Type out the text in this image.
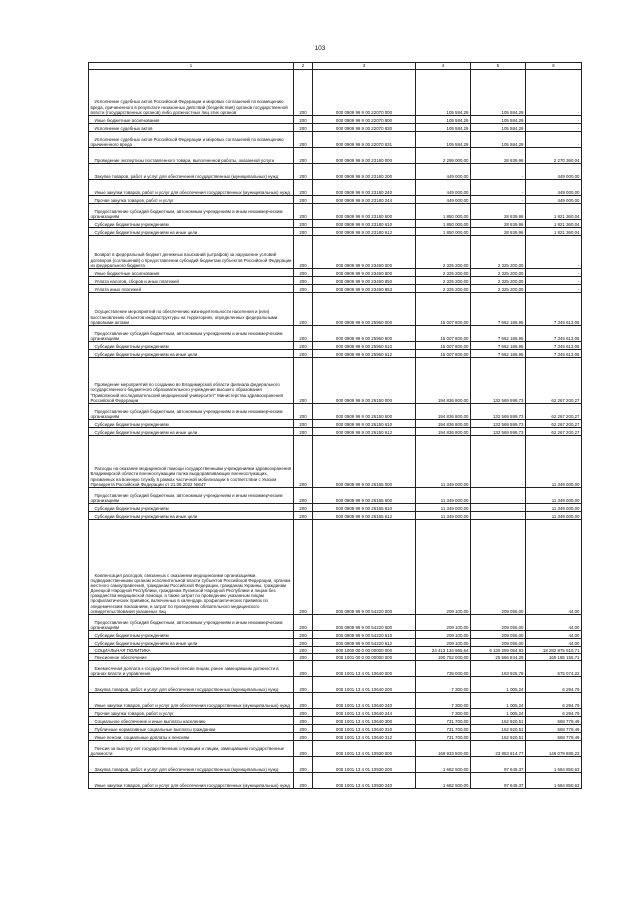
103
1	2	3	4	5	6
Исполнение судебных актов Российской Федерации и мировых соглашений по возмещению вреда, причиненного в результате незаконных действий (бездействия) органов государственной власти (государственных органов) либо должностных лиц этих органов	200	000 0909 99 9 00 22070 000	105 584,29	105 584,29	-
Иные бюджетные ассигнования	200	000 0909 99 9 00 22070 800	105 584,29	105 584,29	-
Исполнение судебных актов	200	000 0909 99 9 00 22070 830	105 584,29	105 584,29	-
Исполнение судебных актов Российской Федерации и мировых соглашений по возмещению причиненного вреда	200	000 0909 99 9 00 22070 831	105 584,29	105 584,29	-
Проведение экспертизы поставленного товара, выполненной работы, оказанной услуги	200	000 0909 99 9 00 23180 000	2 299 000,00	28 639,96	2 270 360,04
Закупка товаров, работ и услуг для обеспечения государственных (муниципальных) нужд	200	000 0909 99 9 00 23180 200	449 000,00	-	449 000,00
Иные закупки товаров, работ и услуг для обеспечения государственных (муниципальных) нужд	200	000 0909 99 9 00 23180 240	449 000,00	-	449 000,00
Прочая закупка товаров, работ и услуг	200	000 0909 99 9 00 23180 244	449 000,00	-	449 000,00
Предоставление субсидий бюджетным, автономным учреждениям и иным некоммерческим организациям	200	000 0909 99 9 00 23180 600	1 850 000,00	28 639,96	1 821 360,04
Субсидии бюджетным учреждениям	200	000 0909 99 9 00 23180 610	1 850 000,00	28 639,96	1 821 360,04
Субсидии бюджетным учреждениям на иные цели	200	000 0909 99 9 00 23180 612	1 850 000,00	28 639,96	1 821 360,04
Возврат в федеральный бюджет денежных взысканий (штрафов) за нарушение условий договоров (соглашений) о предоставлении субсидий бюджетам субъектов Российской Федерации из федерального бюджета	200	000 0909 99 9 00 23460 000	2 325 200,00	2 325 200,00	-
Иные бюджетные ассигнования	200	000 0909 99 9 00 23460 800	2 325 200,00	2 325 200,00	-
Уплата налогов, сборов и иных платежей	200	000 0909 99 9 00 23460 850	2 325 200,00	2 325 200,00	-
Уплата иных платежей	200	000 0909 99 9 00 23460 853	2 325 200,00	2 325 200,00	-
Осуществление мероприятий по обеспечению жизнедеятельности населения и (или) восстановлению объектов инфраструктуры на территориях, определенных федеральными правовыми актами	200	000 0909 99 9 00 25960 000	15 007 800,00	7 662 186,95	7 345 613,05
Предоставление субсидий бюджетным, автономным учреждениям и иным некоммерческим организациям	200	000 0909 99 9 00 25960 600	15 007 800,00	7 662 186,95	7 345 613,05
Субсидии бюджетным учреждениям	200	000 0909 99 9 00 25960 610	15 007 800,00	7 662 186,95	7 345 613,05
Субсидии бюджетным учреждениям на иные цели	200	000 0909 99 9 00 25960 612	15 007 800,00	7 662 186,95	7 345 613,05
Проведение мероприятий по созданию во Владимирской области филиала федерального государственного бюджетного образовательного учреждения высшего образования "Приволжский исследовательский медицинский университет" Министерства здравоохранения Российской Федерации	200	000 0909 99 9 00 26150 000	194 836 800,00	132 569 599,73	62 267 200,27
Предоставление субсидий бюджетным, автономным учреждениям и иным некоммерческим организациям	200	000 0909 99 9 00 26150 600	194 836 800,00	132 569 599,73	62 267 200,27
Субсидии бюджетным учреждениям	200	000 0909 99 9 00 26150 610	194 836 800,00	132 569 599,73	62 267 200,27
Субсидии бюджетным учреждениям на иные цели	200	000 0909 99 9 00 26150 612	194 836 800,00	132 569 599,73	62 267 200,27
Расходы на оказание медицинской помощи государственными учреждениями здравоохранения Владимирской области военнослужащим полка выздоравливающих военнослужащих, призванных на военную службу в рамках частичной мобилизации в соответствии с Указом Президента Российской Федерации от 21.09.2022 №647	200	000 0909 99 9 00 26165 000	11 349 000,00	-	11 349 000,00
Предоставление субсидий бюджетным, автономным учреждениям и иным некоммерческим организациям	200	000 0909 99 9 00 26165 600	11 349 000,00	-	11 349 000,00
Субсидии бюджетным учреждениям	200	000 0909 99 9 00 26165 610	11 349 000,00	-	11 349 000,00
Субсидии бюджетным учреждениям на иные цели	200	000 0909 99 9 00 26165 612	11 349 000,00	-	11 349 000,00
Компенсация расходов, связанных с оказанием медицинскими организациями, подведомственными органам исполнительной власти субъектов Российской Федерации, органам местного самоуправления, гражданам Российской Федерации, гражданам Украины, гражданам Донецкой Народной Республики, гражданам Луганской Народной Республики и лицам без гражданства медицинской помощи, а также затрат по проведению указанным лицам профилактических прививок, включенных в календарь профилактических прививок по эпидемическим показаниям, и затрат по проведению обязательного медицинского освидетельствования указанных лиц	200	000 0909 99 9 00 54220 000	209 100,00	209 056,00	44,00
Предоставление субсидий бюджетным, автономным учреждениям и иным некоммерческим организациям	200	000 0909 99 9 00 54220 600	209 100,00	209 056,00	44,00
Субсидии бюджетным учреждениям	200	000 0909 99 9 00 54220 610	209 100,00	209 056,00	44,00
Субсидии бюджетным учреждениям на иные цели	200	000 0909 99 9 00 54220 612	209 100,00	209 056,00	44,00
СОЦИАЛЬНАЯ ПОЛИТИКА	200	000 1000 00 0 00 00000 000	24 413 134 565,64	6 130 259 054,93	18 282 875 510,71
Пенсионное обеспечение	200	000 1001 00 0 00 00000 000	190 752 000,00	25 566 844,29	165 185 155,71
Ежемесячная доплата к государственной пенсии лицам, ранее замещавшим должности в органах власти и управления	200	000 1001 13 4 01 10640 000	739 000,00	163 925,78	575 074,22
Закупка товаров, работ и услуг для обеспечения государственных (муниципальных) нужд	200	000 1001 13 4 01 10640 200	7 300,00	1 005,24	6 294,76
Иные закупки товаров, работ и услуг для обеспечения государственных (муниципальных) нужд	200	000 1001 13 4 01 10640 240	7 300,00	1 005,24	6 294,76
Прочая закупка товаров, работ и услуг	200	000 1001 13 4 01 10640 244	7 300,00	1 005,24	6 294,76
Социальное обеспечение и иные выплаты населению	200	000 1001 13 4 01 10640 300	731 700,00	162 920,51	568 779,49
Публичные нормативные социальные выплаты гражданам	200	000 1001 13 4 01 10640 310	731 700,00	162 920,51	568 779,49
Иные пенсии, социальные доплаты к пенсиям	200	000 1001 13 4 01 10640 312	731 700,00	162 920,51	568 779,49
Пенсия за выслугу лет государственным служащим и лицам, замещавшим государственные должности	200	000 1001 13 4 01 10930 000	169 933 500,00	23 853 614,77	146 079 885,23
Закупка товаров, работ и услуг для обеспечения государственных (муниципальных) нужд	200	000 1001 13 4 01 10930 200	1 682 500,00	97 649,37	1 584 850,63
Иные закупки товаров, работ и услуг для обеспечения государственных (муниципальных) нужд	200	000 1001 13 4 01 10930 240	1 682 500,00	97 649,37	1 584 850,63
